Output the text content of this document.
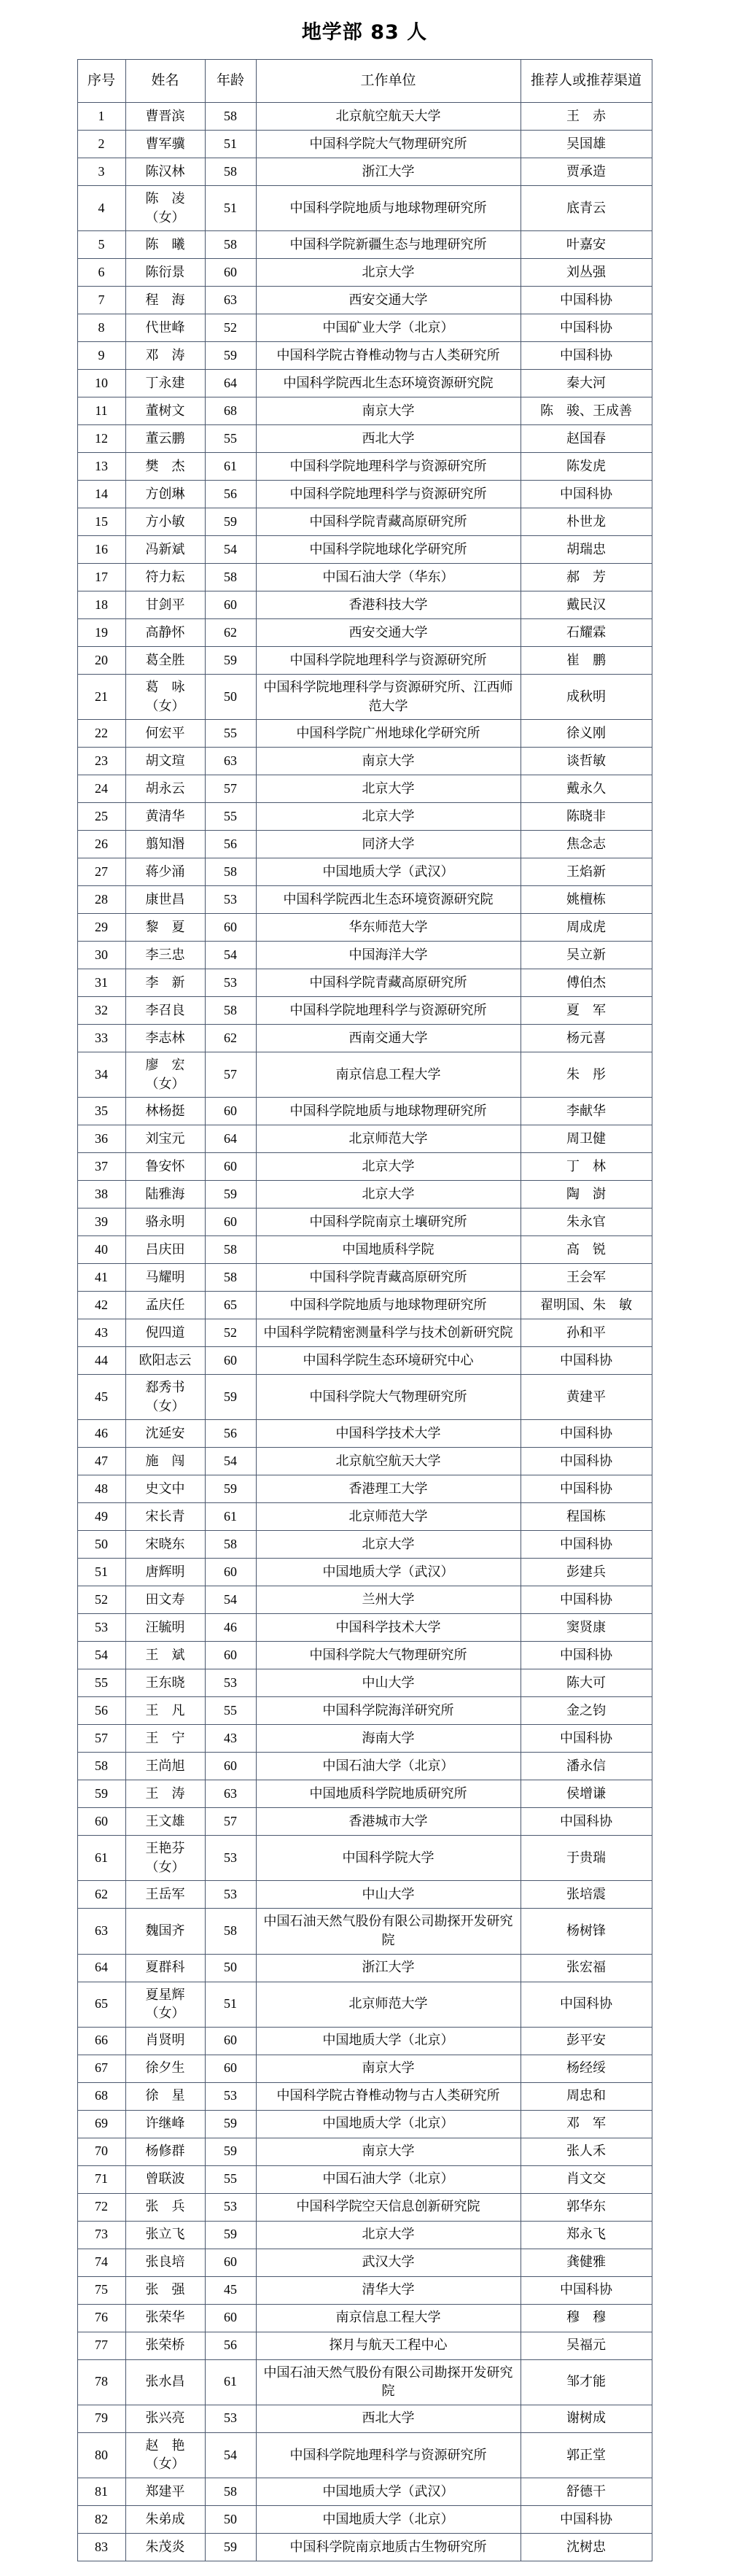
地学部 83 人
序号	姓名	年龄	工作单位	推荐人或推荐渠道
1	曹晋滨	58	北京航空航天大学	王　赤
2	曹军骥	51	中国科学院大气物理研究所	吴国雄
3	陈汉林	58	浙江大学	贾承造
4	陈　凌
（女）	51	中国科学院地质与地球物理研究所	底青云
5	陈　曦	58	中国科学院新疆生态与地理研究所	叶嘉安
6	陈衍景	60	北京大学	刘丛强
7	程　海	63	西安交通大学	中国科协
8	代世峰	52	中国矿业大学（北京）	中国科协
9	邓　涛	59	中国科学院古脊椎动物与古人类研究所	中国科协
10	丁永建	64	中国科学院西北生态环境资源研究院	秦大河
11	董树文	68	南京大学	陈　骏、王成善
12	董云鹏	55	西北大学	赵国春
13	樊　杰	61	中国科学院地理科学与资源研究所	陈发虎
14	方创琳	56	中国科学院地理科学与资源研究所	中国科协
15	方小敏	59	中国科学院青藏高原研究所	朴世龙
16	冯新斌	54	中国科学院地球化学研究所	胡瑞忠
17	符力耘	58	中国石油大学（华东）	郝　芳
18	甘剑平	60	香港科技大学	戴民汉
19	高静怀	62	西安交通大学	石耀霖
20	葛全胜	59	中国科学院地理科学与资源研究所	崔　鹏
21	葛　咏
（女）	50	中国科学院地理科学与资源研究所、江西师范大学	成秋明
22	何宏平	55	中国科学院广州地球化学研究所	徐义刚
23	胡文瑄	63	南京大学	谈哲敏
24	胡永云	57	北京大学	戴永久
25	黄清华	55	北京大学	陈晓非
26	翦知湣	56	同济大学	焦念志
27	蒋少涌	58	中国地质大学（武汉）	王焰新
28	康世昌	53	中国科学院西北生态环境资源研究院	姚檀栋
29	黎　夏	60	华东师范大学	周成虎
30	李三忠	54	中国海洋大学	吴立新
31	李　新	53	中国科学院青藏高原研究所	傅伯杰
32	李召良	58	中国科学院地理科学与资源研究所	夏　军
33	李志林	62	西南交通大学	杨元喜
34	廖　宏
（女）	57	南京信息工程大学	朱　彤
35	林杨挺	60	中国科学院地质与地球物理研究所	李献华
36	刘宝元	64	北京师范大学	周卫健
37	鲁安怀	60	北京大学	丁　林
38	陆雅海	59	北京大学	陶　澍
39	骆永明	60	中国科学院南京土壤研究所	朱永官
40	吕庆田	58	中国地质科学院	高　锐
41	马耀明	58	中国科学院青藏高原研究所	王会军
42	孟庆任	65	中国科学院地质与地球物理研究所	翟明国、朱　敏
43	倪四道	52	中国科学院精密测量科学与技术创新研究院	孙和平
44	欧阳志云	60	中国科学院生态环境研究中心	中国科协
45	郄秀书
（女）	59	中国科学院大气物理研究所	黄建平
46	沈延安	56	中国科学技术大学	中国科协
47	施　闯	54	北京航空航天大学	中国科协
48	史文中	59	香港理工大学	中国科协
49	宋长青	61	北京师范大学	程国栋
50	宋晓东	58	北京大学	中国科协
51	唐辉明	60	中国地质大学（武汉）	彭建兵
52	田文寿	54	兰州大学	中国科协
53	汪毓明	46	中国科学技术大学	窦贤康
54	王　斌	60	中国科学院大气物理研究所	中国科协
55	王东晓	53	中山大学	陈大可
56	王　凡	55	中国科学院海洋研究所	金之钧
57	王　宁	43	海南大学	中国科协
58	王尚旭	60	中国石油大学（北京）	潘永信
59	王　涛	63	中国地质科学院地质研究所	侯增谦
60	王文雄	57	香港城市大学	中国科协
61	王艳芬
（女）	53	中国科学院大学	于贵瑞
62	王岳军	53	中山大学	张培震
63	魏国齐	58	中国石油天然气股份有限公司勘探开发研究院	杨树锋
64	夏群科	50	浙江大学	张宏福
65	夏星辉
（女）	51	北京师范大学	中国科协
66	肖贤明	60	中国地质大学（北京）	彭平安
67	徐夕生	60	南京大学	杨经绥
68	徐　星	53	中国科学院古脊椎动物与古人类研究所	周忠和
69	许继峰	59	中国地质大学（北京）	邓　军
70	杨修群	59	南京大学	张人禾
71	曾联波	55	中国石油大学（北京）	肖文交
72	张　兵	53	中国科学院空天信息创新研究院	郭华东
73	张立飞	59	北京大学	郑永飞
74	张良培	60	武汉大学	龚健雅
75	张　强	45	清华大学	中国科协
76	张荣华	60	南京信息工程大学	穆　穆
77	张荣桥	56	探月与航天工程中心	吴福元
78	张水昌	61	中国石油天然气股份有限公司勘探开发研究院	邹才能
79	张兴亮	53	西北大学	谢树成
80	赵　艳
（女）	54	中国科学院地理科学与资源研究所	郭正堂
81	郑建平	58	中国地质大学（武汉）	舒德干
82	朱弟成	50	中国地质大学（北京）	中国科协
83	朱茂炎	59	中国科学院南京地质古生物研究所	沈树忠
